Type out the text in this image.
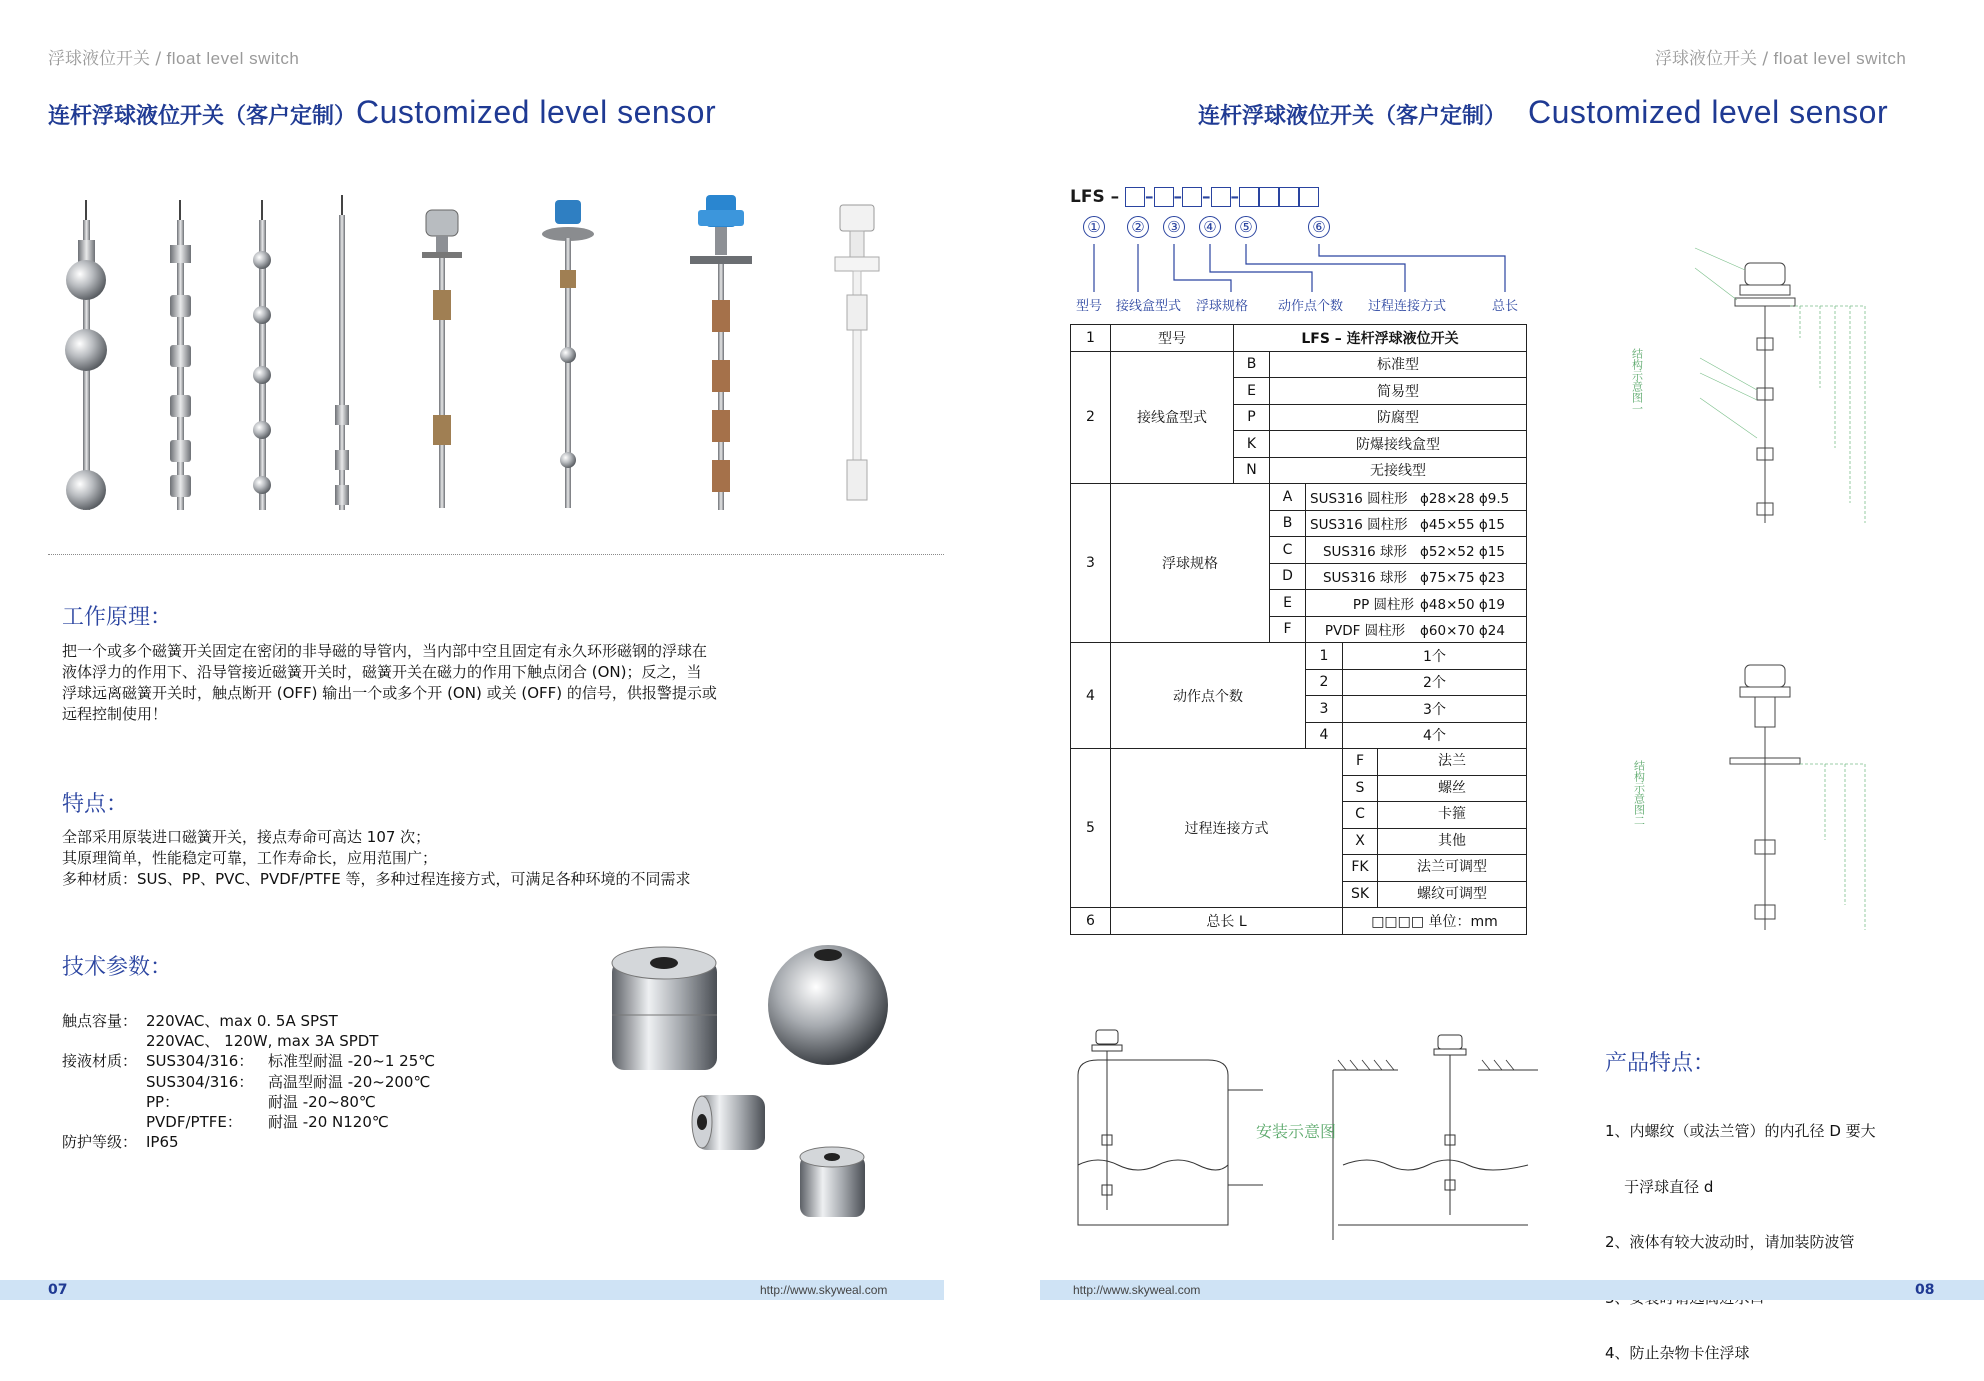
浮球液位开关 / float level switch
连杆浮球液位开关（客户定制）Customized level sensor
工作原理：
把一个或多个磁簧开关固定在密闭的非导磁的导管内，当内部中空且固定有永久环形磁钢的浮球在
液体浮力的作用下、沿导管接近磁簧开关时，磁簧开关在磁力的作用下触点闭合 (ON)；反之，当
浮球远离磁簧开关时，触点断开 (OFF) 输出一个或多个开 (ON) 或关 (OFF) 的信号，供报警提示或
远程控制使用！
特点：
全部采用原装进口磁簧开关，接点寿命可高达 107 次；
其原理简单，性能稳定可靠，工作寿命长，应用范围广；
多种材质：SUS、PP、PVC、PVDF/PTFE 等，多种过程连接方式，可满足各种环境的不同需求
技术参数：
触点容量：	220VAC、max 0. 5A SPST	
	220VAC、 120W, max 3A SPDT	
接液材质：	SUS304/316：	标准型耐温 -20~1 25℃
	SUS304/316：	高温型耐温 -20~200℃
	PP：	耐温 -20~80℃
	PVDF/PTFE：	耐温 -20 N120℃
防护等级：	IP65	
07	http://www.skyweal.com
浮球液位开关 / float level switch
连杆浮球液位开关（客户定制） Customized level sensor
LFS – – – – –
① ② ③ ④ ⑤	⑥
型号 接线盒型式 浮球规格 动作点个数 过程连接方式	总长
1	型号	LFS – 连杆浮球液位开关			
2	接线盒型式	B	标准型		
		E	简易型		
		P	防腐型		
		K	防爆接线盒型		
		N	无接线型		
3	浮球规格		A	SUS316 圆柱形 ϕ28×28 ϕ9.5	
			B	SUS316 圆柱形 ϕ45×55 ϕ15	
			C	SUS316 球形 ϕ52×52 ϕ15	
			D	SUS316 球形 ϕ75×75 ϕ23	
			E	PP 圆柱形 ϕ48×50 ϕ19	
			F	PVDF 圆柱形 ϕ60×70 ϕ24	
4	动作点个数			1	1个
				2	2个
				3	3个
				4	4个
5	过程连接方式				F 法兰
					S 螺丝
					C 卡箍
					X 其他
					FK 法兰可调型
					SK 螺纹可调型
6	总长 L				□□□□ 单位：mm
结构示意图一
结构示意图二
安装示意图
产品特点：

1、内螺纹（或法兰管）的内孔径 D 要大

于浮球直径 d

2、液体有较大波动时，请加装防波管

4、防止杂物卡住浮球

http://www.skyweal.com	08
